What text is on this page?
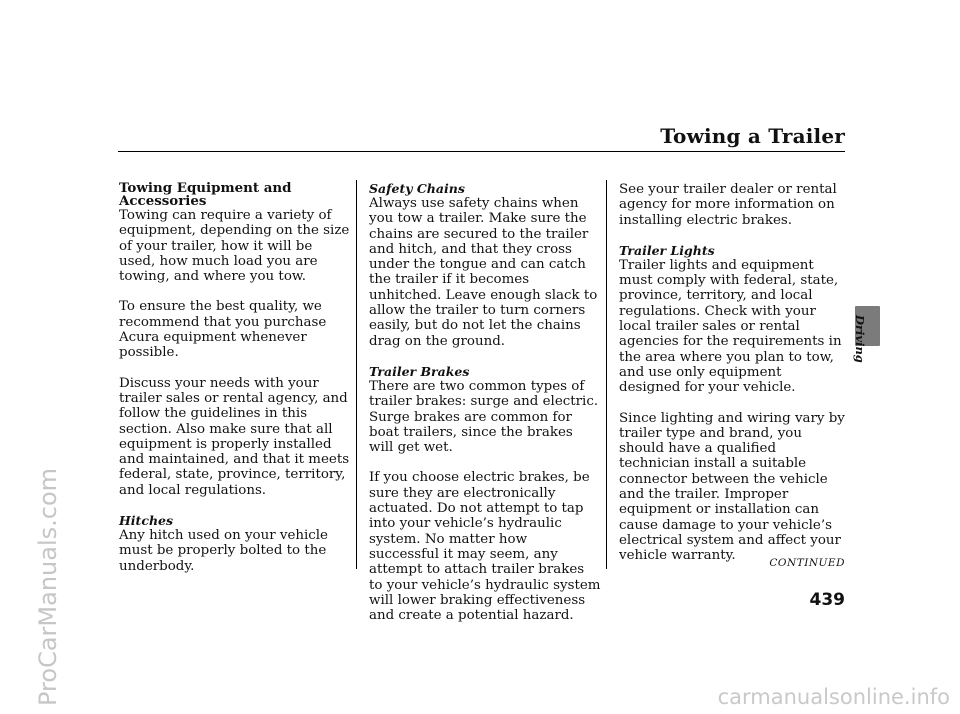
Towing a Trailer

Towing Equipment and

Accessories

Towing can require a variety of equipment, depending on the size of your trailer, how it will be used, how much load you are towing, and where you tow.

To ensure the best quality, we recommend that you purchase Acura equipment whenever possible.

Discuss your needs with your trailer sales or rental agency, and follow the guidelines in this section. Also make sure that all equipment is properly installed and maintained, and that it meets federal, state, province, territory, and local regulations.

Hitches

Any hitch used on your vehicle must be properly bolted to the underbody.

Safety Chains

Always use safety chains when you tow a trailer. Make sure the chains are secured to the trailer and hitch, and that they cross under the tongue and can catch the trailer if it becomes unhitched. Leave enough slack to allow the trailer to turn corners easily, but do not let the chains drag on the ground.

Trailer Brakes

There are two common types of trailer brakes: surge and electric. Surge brakes are common for boat trailers, since the brakes will get wet.

If you choose electric brakes, be sure they are electronically actuated. Do not attempt to tap into your vehicle’s hydraulic system. No matter how successful it may seem, any attempt to attach trailer brakes to your vehicle’s hydraulic system will lower braking effectiveness and create a potential hazard.

See your trailer dealer or rental agency for more information on installing electric brakes.

Trailer Lights

Trailer lights and equipment must comply with federal, state, province, territory, and local regulations. Check with your local trailer sales or rental agencies for the requirements in the area where you plan to tow, and use only equipment designed for your vehicle.

Since lighting and wiring vary by trailer type and brand, you should have a qualified technician install a suitable connector between the vehicle and the trailer. Improper equipment or installation can cause damage to your vehicle’s electrical system and affect your vehicle warranty.	CONTINUED
439
Driving
ProCarManuals.com	carmanualsonline.info
